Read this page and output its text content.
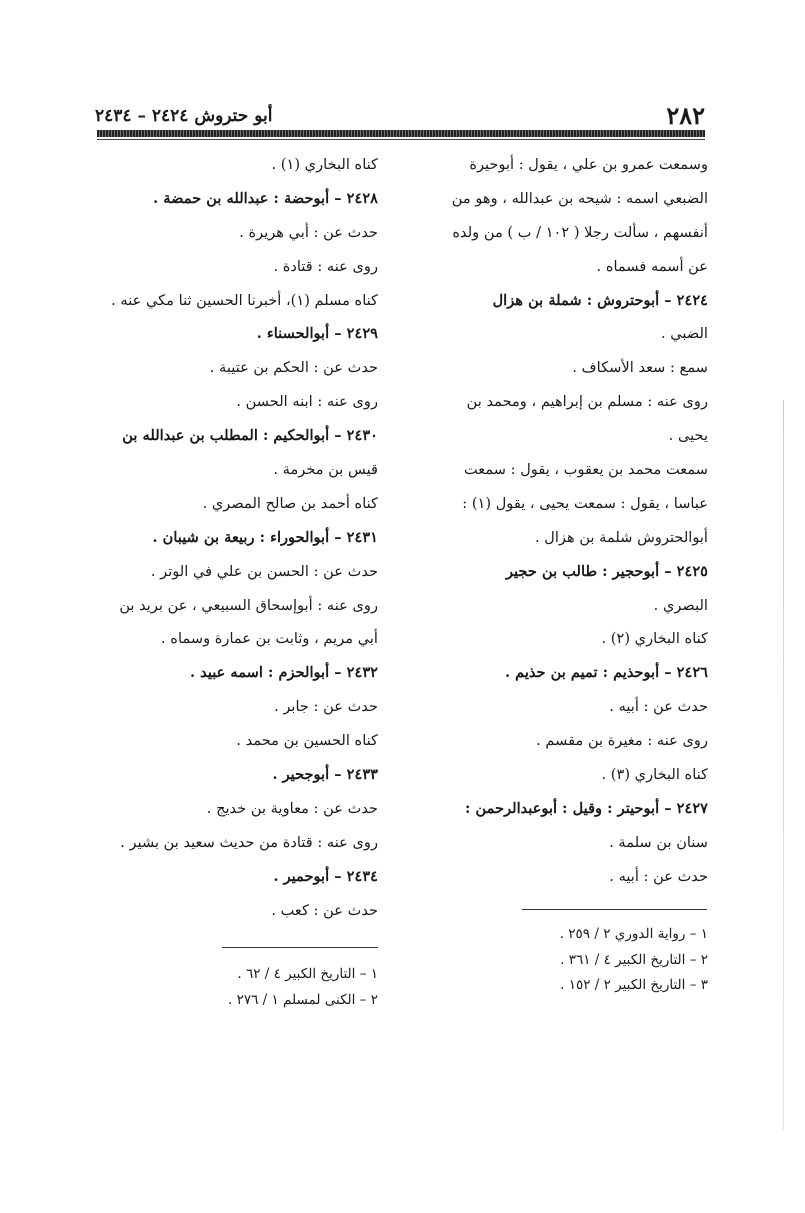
٢٨٢
أبو حتروش ٢٤٢٤ – ٢٤٣٤
وسمعت عمرو بن علي ، يقول : أبوحيرة
الضبعي اسمه : شيحه بن عبدالله ، وهو من
أنفسهم ، سألت رجلا ( ١٠٢ / ب ) من ولده
عن أسمه فسماه .
٢٤٢٤ – أبوحتروش : شملة بن هزال
الضبي .
سمع : سعد الأسكاف .
روى عنه : مسلم بن إبراهيم ، ومحمد بن
يحيى .
سمعت محمد بن يعقوب ، يقول : سمعت
عباسا ، يقول : سمعت يحيى ، يقول (١) :
أبوالحتروش شلمة بن هزال .
٢٤٢٥ – أبوحجير : طالب بن حجير
البصري .
كناه البخاري (٢) .
٢٤٢٦ – أبوحذيم : تميم بن حذيم .
حدث عن : أبيه .
روى عنه : مغيرة بن مقسم .
كناه البخاري (٣) .
٢٤٢٧ – أبوحيتر : وقيل : أبوعبدالرحمن :
سنان بن سلمة .
حدث عن : أبيه .
كناه البخاري (١) .
٢٤٢٨ – أبوحضة : عبدالله بن حمضة .
حدث عن : أبي هريرة .
روى عنه : قتادة .
كناه مسلم (١)، أخبرنا الحسين ثنا مكي عنه .
٢٤٢٩ – أبوالحسناء .
حدث عن : الحكم بن عتيبة .
روى عنه : ابنه الحسن .
٢٤٣٠ – أبوالحكيم : المطلب بن عبدالله بن
قيس بن مخرمة .
كناه أحمد بن صالح المصري .
٢٤٣١ – أبوالحوراء : ربيعة بن شيبان .
حدث عن : الحسن بن علي في الوتر .
روى عنه : أبوإسحاق السبيعي ، عن بريد بن
أبي مريم ، وثابت بن عمارة وسماه .
٢٤٣٢ – أبوالحزم : اسمه عبيد .
حدث عن : جابر .
كناه الحسين بن محمد .
٢٤٣٣ – أبوجحير .
حدث عن : معاوية بن خديج .
روى عنه : قتادة من حديث سعيد بن بشير .
٢٤٣٤ – أبوحمير .
حدث عن : كعب .
١ – رواية الدوري ٢ / ٢٥٩ .
٢ – التاريخ الكبير ٤ / ٣٦١ .
٣ – التاريخ الكبير ٢ / ١٥٢ .
١ – التاريخ الكبير ٤ / ٦٢ .
٢ – الكنى لمسلم ١ / ٢٧٦ .
